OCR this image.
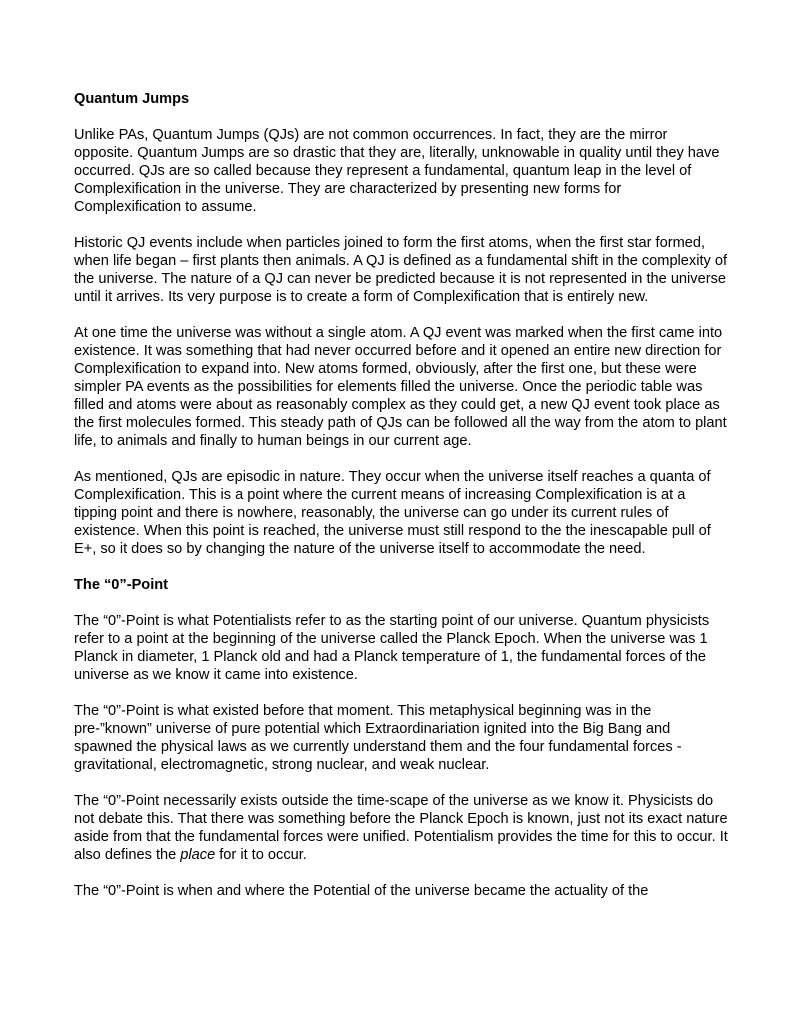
Quantum Jumps

Unlike PAs, Quantum Jumps (QJs) are not common occurrences. In fact, they are the mirror opposite. Quantum Jumps are so drastic that they are, literally, unknowable in quality until they have occurred. QJs are so called because they represent a fundamental, quantum leap in the level of Complexification in the universe. They are characterized by presenting new forms for Complexification to assume.

Historic QJ events include when particles joined to form the first atoms, when the first star formed, when life began – first plants then animals. A QJ is defined as a fundamental shift in the complexity of the universe. The nature of a QJ can never be predicted because it is not represented in the universe until it arrives. Its very purpose is to create a form of Complexification that is entirely new.

At one time the universe was without a single atom. A QJ event was marked when the first came into existence. It was something that had never occurred before and it opened an entire new direction for Complexification to expand into. New atoms formed, obviously, after the first one, but these were simpler PA events as the possibilities for elements filled the universe. Once the periodic table was filled and atoms were about as reasonably complex as they could get, a new QJ event took place as the first molecules formed. This steady path of QJs can be followed all the way from the atom to plant life, to animals and finally to human beings in our current age.

As mentioned, QJs are episodic in nature. They occur when the universe itself reaches a quanta of Complexification. This is a point where the current means of increasing Complexification is at a tipping point and there is nowhere, reasonably, the universe can go under its current rules of existence. When this point is reached, the universe must still respond to the the inescapable pull of E+, so it does so by changing the nature of the universe itself to accommodate the need.

The “0”-Point

The “0”-Point is what Potentialists refer to as the starting point of our universe. Quantum physicists refer to a point at the beginning of the universe called the Planck Epoch. When the universe was 1 Planck in diameter, 1 Planck old and had a Planck temperature of 1, the fundamental forces of the universe as we know it came into existence.

The “0”-Point is what existed before that moment. This metaphysical beginning was in the pre-”known” universe of pure potential which Extraordinariation ignited into the Big Bang and spawned the physical laws as we currently understand them and the four fundamental forces - gravitational, electromagnetic, strong nuclear, and weak nuclear.

The “0”-Point necessarily exists outside the time-scape of the universe as we know it. Physicists do not debate this. That there was something before the Planck Epoch is known, just not its exact nature aside from that the fundamental forces were unified. Potentialism provides the time for this to occur. It also defines the place for it to occur.

The “0”-Point is when and where the Potential of the universe became the actuality of the
